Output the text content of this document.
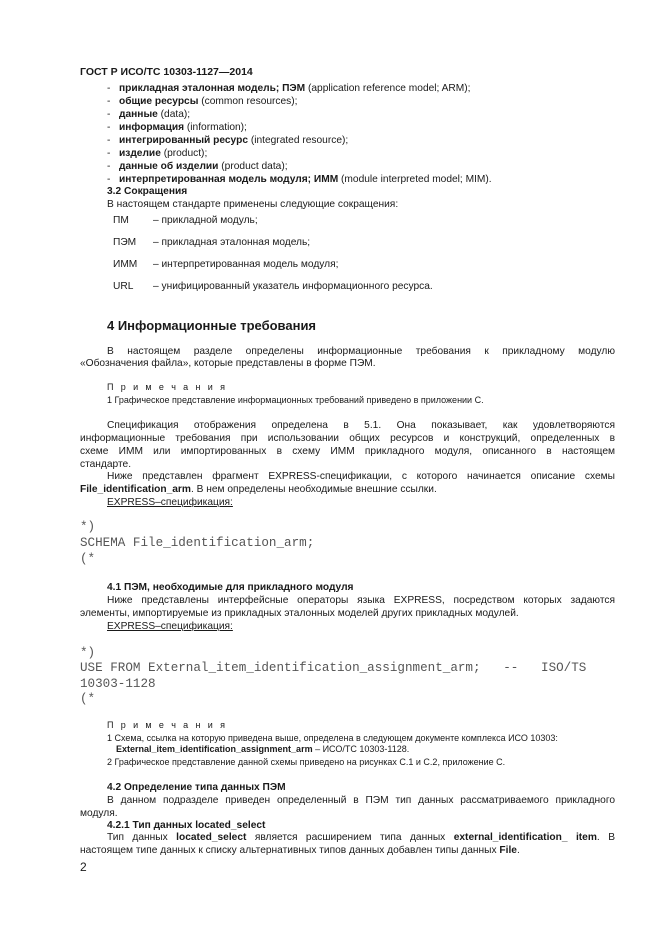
ГОСТ Р ИСО/ТС 10303-1127—2014
- прикладная эталонная модель; ПЭМ (application reference model; ARM);
- общие ресурсы (common resources);
- данные (data);
- информация (information);
- интегрированный ресурс (integrated resource);
- изделие (product);
- данные об изделии (product data);
- интерпретированная модель модуля; ИММ (module interpreted model; MIM).
3.2 Сокращения
В настоящем стандарте применены следующие сокращения:
ПМ – прикладной модуль;
ПЭМ – прикладная эталонная модель;
ИММ – интерпретированная модель модуля;
URL – унифицированный указатель информационного ресурса.
4 Информационные требования
В настоящем разделе определены информационные требования к прикладному модулю
«Обозначения файла», которые представлены в форме ПЭМ.
П р и м е ч а н и я
1 Графическое представление информационных требований приведено в приложении С.
Спецификация отображения определена в 5.1. Она показывает, как удовлетворяются
информационные требования при использовании общих ресурсов и конструкций, определенных в
схеме ИММ или импортированных в схему ИММ прикладного модуля, описанного в настоящем
стандарте.
Ниже представлен фрагмент EXPRESS-спецификации, с которого начинается описание схемы
File_identification_arm. В нем определены необходимые внешние ссылки.
EXPRESS–спецификация:
*)
SCHEMA File_identification_arm;
(*
4.1 ПЭМ, необходимые для прикладного модуля
Ниже представлены интерфейсные операторы языка EXPRESS, посредством которых задаются
элементы, импортируемые из прикладных эталонных моделей других прикладных модулей.
EXPRESS–спецификация:
*)
USE FROM External_item_identification_assignment_arm;   --   ISO/TS
10303-1128
(*
П р и м е ч а н и я
1 Схема, ссылка на которую приведена выше, определена в следующем документе комплекса ИСО 10303:
External_item_identification_assignment_arm – ИСО/ТС 10303-1128.
2 Графическое представление данной схемы приведено на рисунках С.1 и С.2, приложение С.
4.2 Определение типа данных ПЭМ
В данном подразделе приведен определенный в ПЭМ тип данных рассматриваемого прикладного
модуля.
4.2.1 Тип данных located_select
Тип данных located_select является расширением типа данных external_identification_ item. В
настоящем типе данных к списку альтернативных типов данных добавлен типы данных File.
2
